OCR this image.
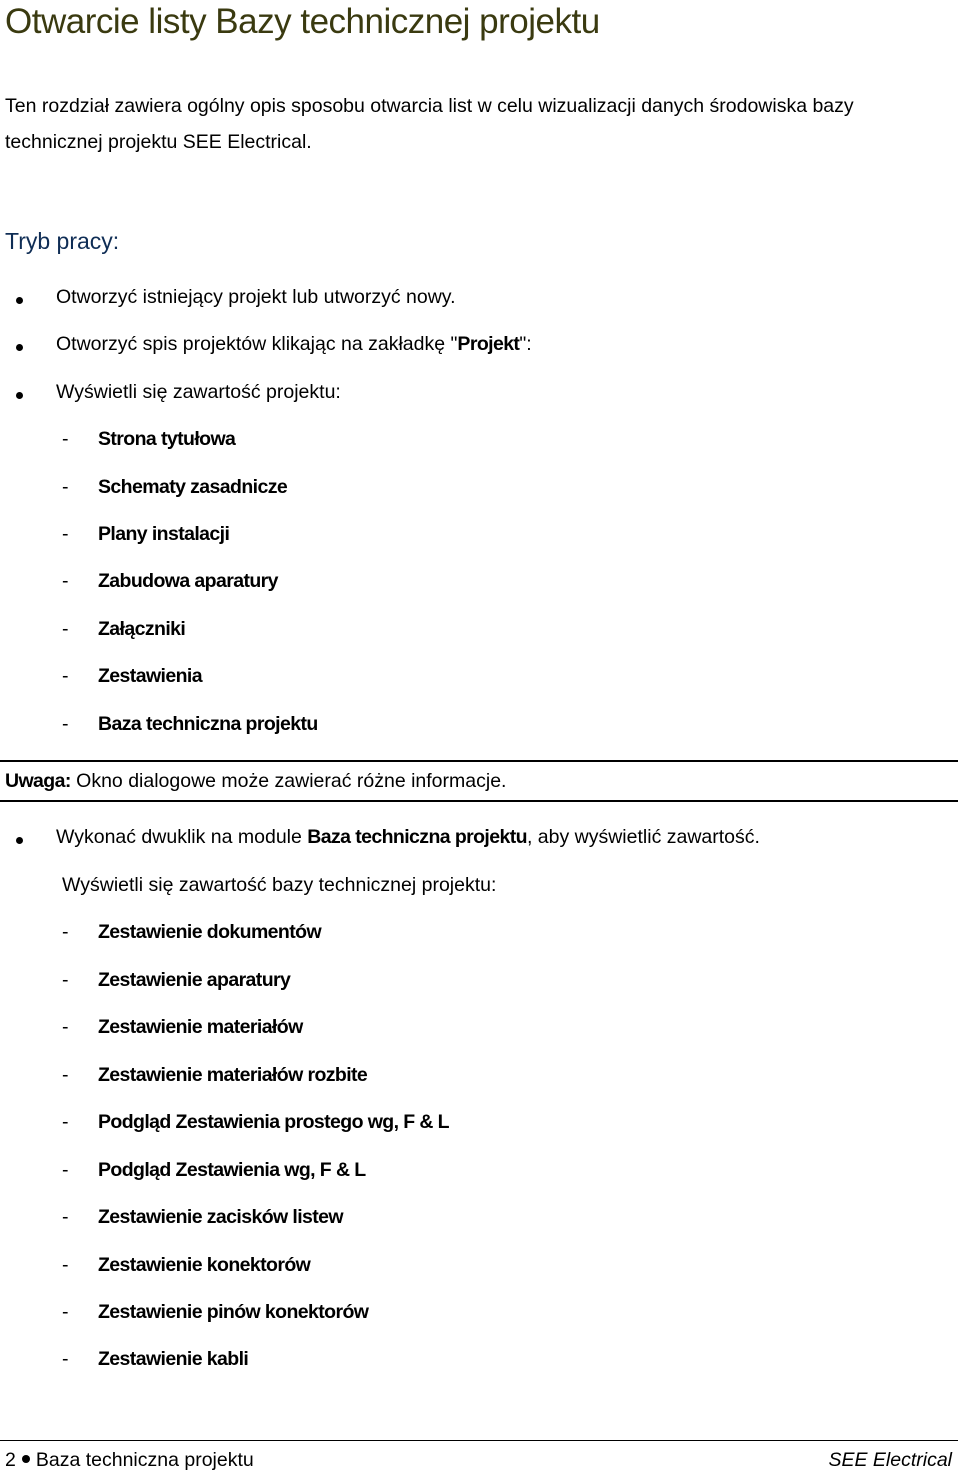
Otwarcie listy Bazy technicznej projektu
Ten rozdział zawiera ogólny opis sposobu otwarcia list w celu wizualizacji danych środowiska bazy technicznej projektu SEE Electrical.
Tryb pracy:
Otworzyć istniejący projekt lub utworzyć nowy.
Otworzyć spis projektów klikając na zakładkę "Projekt":
Wyświetli się zawartość projektu:
- Strona tytułowa
- Schematy zasadnicze
- Plany instalacji
- Zabudowa aparatury
- Załączniki
- Zestawienia
- Baza techniczna projektu
Uwaga: Okno dialogowe może zawierać różne informacje.
Wykonać dwuklik na module Baza techniczna projektu, aby wyświetlić zawartość.
Wyświetli się zawartość bazy technicznej projektu:
- Zestawienie dokumentów
- Zestawienie aparatury
- Zestawienie materiałów
- Zestawienie materiałów rozbite
- Podgląd Zestawienia prostego wg, F & L
- Podgląd Zestawienia wg, F & L
- Zestawienie zacisków listew
- Zestawienie konektorów
- Zestawienie pinów konektorów
- Zestawienie kabli
2 Baza techniczna projektu	SEE Electrical
